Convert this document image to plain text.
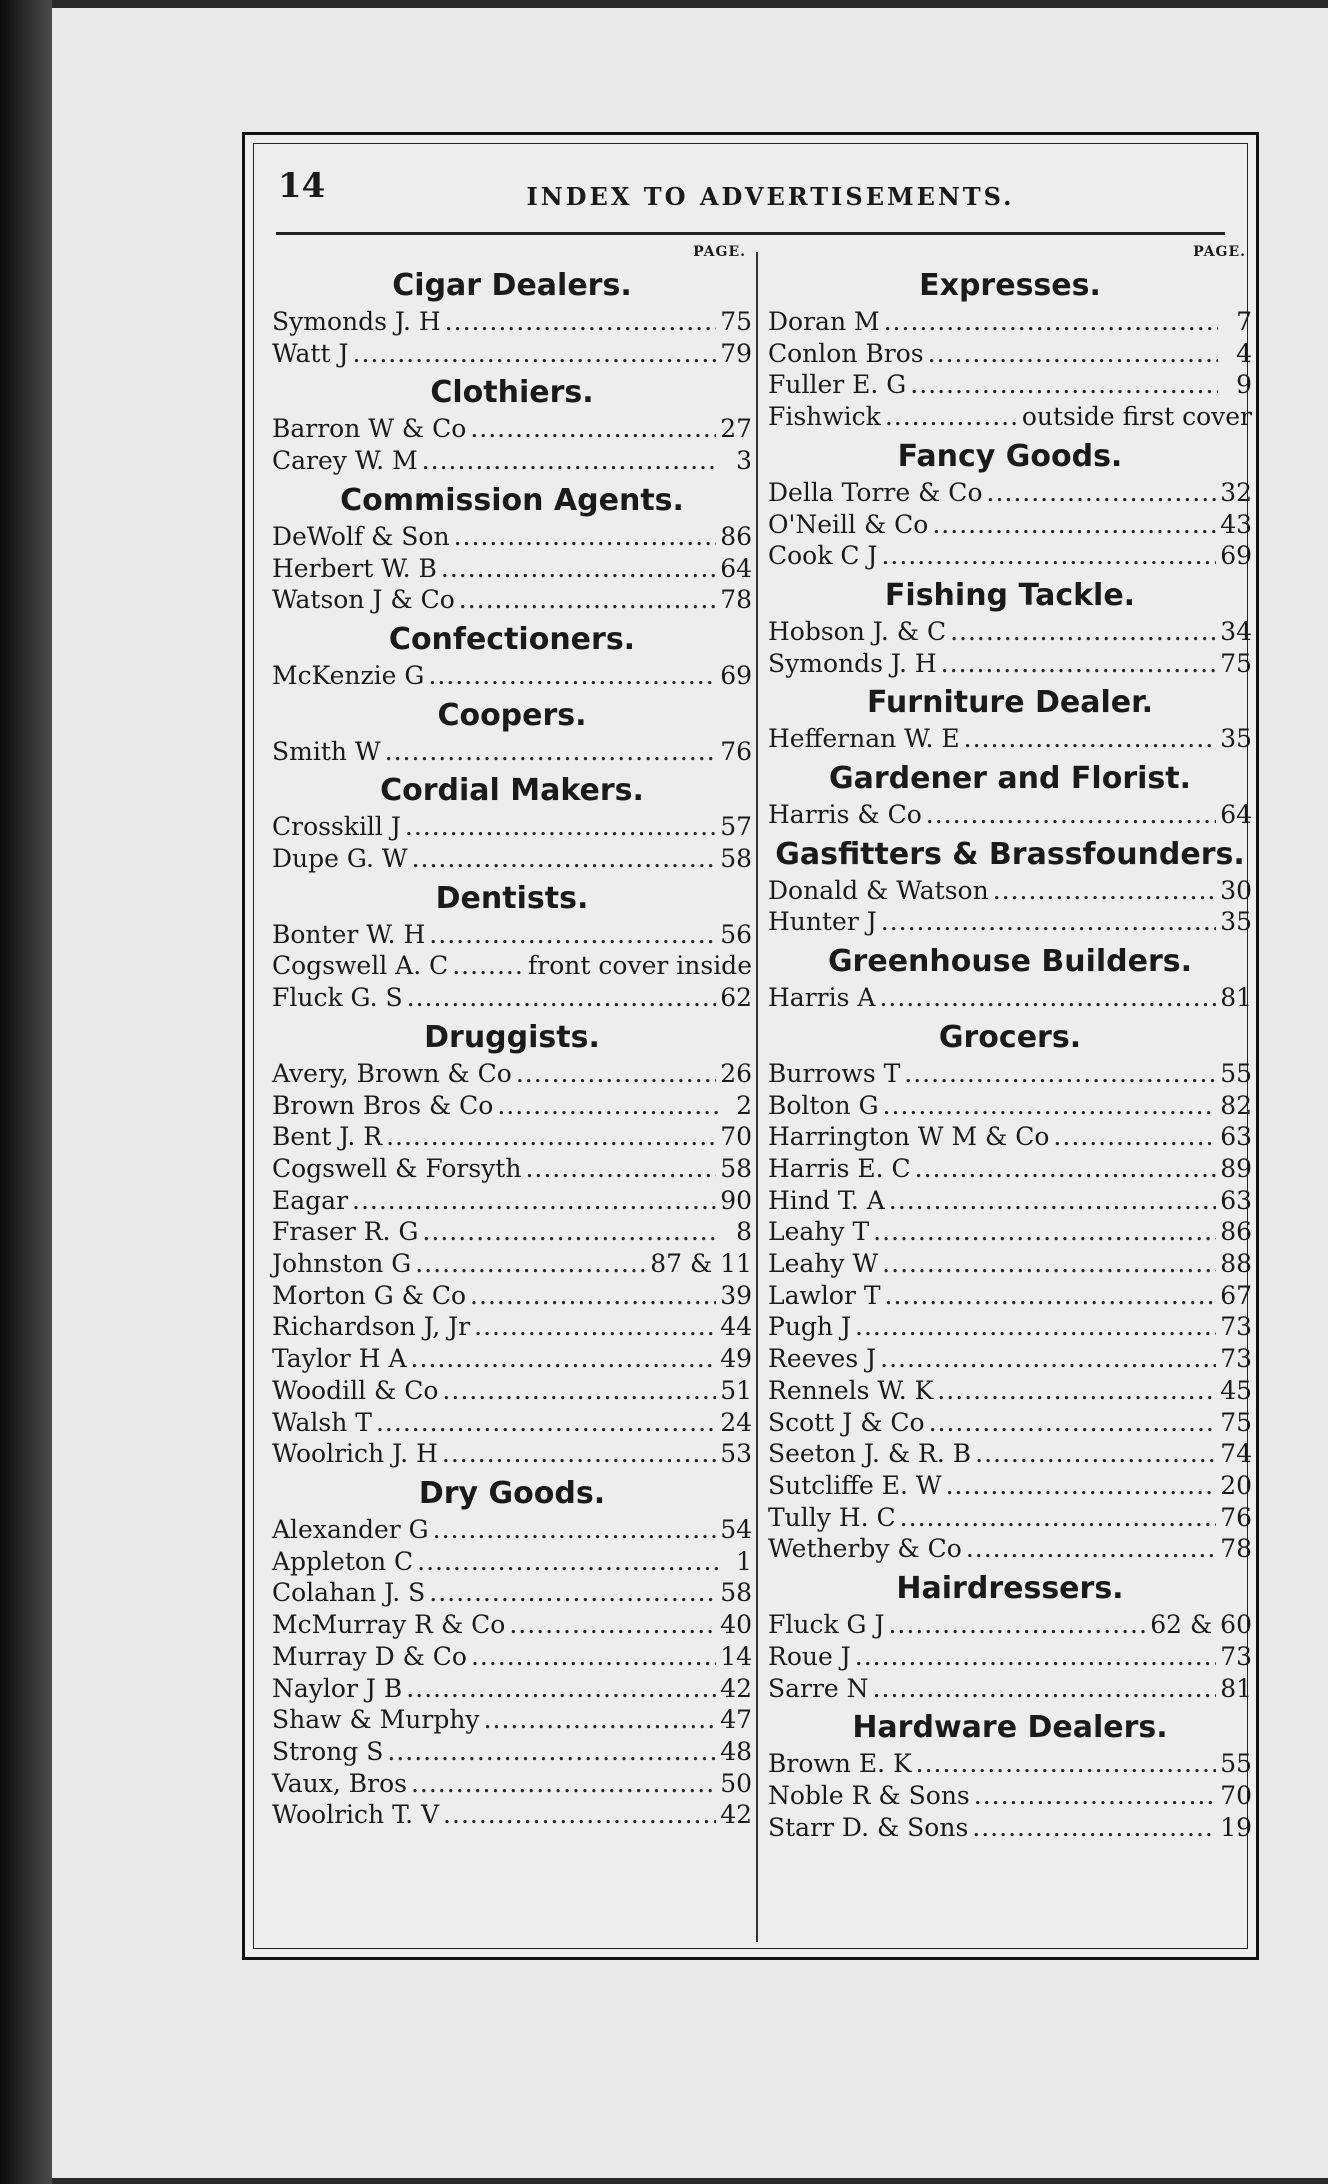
14	INDEX TO ADVERTISEMENTS.
PAGE.
Cigar Dealers.
Symonds J. H .....	75
Watt J .....	79
Clothiers.
Barron W & Co .....	27
Carey W. M .....	3
Commission Agents.
DeWolf & Son .....	86
Herbert W. B .....	64
Watson J & Co .....	78
Confectioners.
McKenzie G .....	69
Coopers.
Smith W .....	76
Cordial Makers.
Crosskill J .....	57
Dupe G. W .....	58
Dentists.
Bonter W. H .....	56
Cogswell A. C .....	front cover inside
Fluck G. S .....	62
Druggists.
Avery, Brown & Co .....	26
Brown Bros & Co .....	2
Bent J. R .....	70
Cogswell & Forsyth .....	58
Eagar .....	90
Fraser R. G .....	8
Johnston G .....	87 & 11
Morton G & Co .....	39
Richardson J, Jr .....	44
Taylor H A .....	49
Woodill & Co .....	51
Walsh T .....	24
Woolrich J. H .....	53
Dry Goods.
Alexander G .....	54
Appleton C .....	1
Colahan J. S .....	58
McMurray R & Co .....	40
Murray D & Co .....	14
Naylor J B .....	42
Shaw & Murphy .....	47
Strong S .....	48
Vaux, Bros .....	50
Woolrich T. V .....	42
PAGE.
Expresses.
Doran M .....	7
Conlon Bros .....	4
Fuller E. G .....	9
Fishwick .....	outside first cover
Fancy Goods.
Della Torre & Co .....	32
O'Neill & Co .....	43
Cook C J .....	69
Fishing Tackle.
Hobson J. & C .....	34
Symonds J. H .....	75
Furniture Dealer.
Heffernan W. E .....	35
Gardener and Florist.
Harris & Co .....	64
Gasfitters & Brassfounders.
Donald & Watson .....	30
Hunter J .....	35
Greenhouse Builders.
Harris A .....	81
Grocers.
Burrows T .....	55
Bolton G .....	82
Harrington W M & Co .....	63
Harris E. C .....	89
Hind T. A .....	63
Leahy T .....	86
Leahy W .....	88
Lawlor T .....	67
Pugh J .....	73
Reeves J .....	73
Rennels W. K .....	45
Scott J & Co .....	75
Seeton J. & R. B .....	74
Sutcliffe E. W .....	20
Tully H. C .....	76
Wetherby & Co .....	78
Hairdressers.
Fluck G J .....	62 & 60
Roue J .....	73
Sarre N .....	81
Hardware Dealers.
Brown E. K .....	55
Noble R & Sons .....	70
Starr D. & Sons .....	19
